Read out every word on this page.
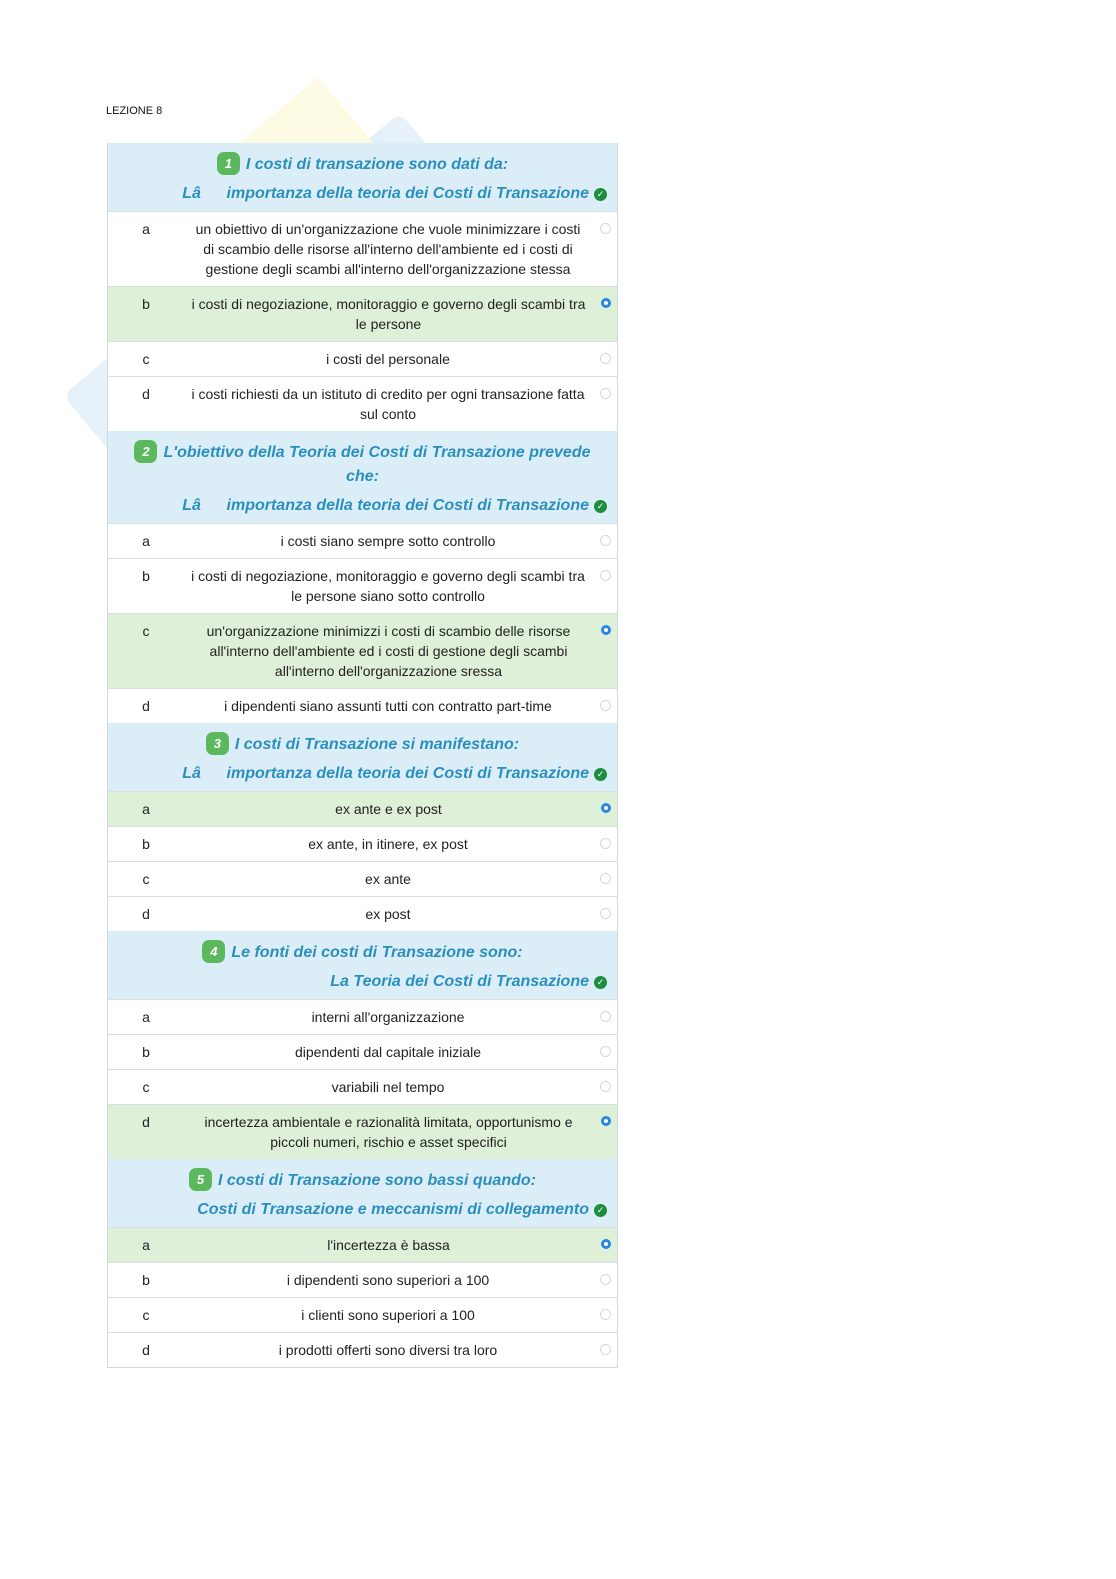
LEZIONE 8
1 I costi di transazione sono dati da:
Lâimportanza della teoria dei Costi di Transazione ✓
a	un obiettivo di un'organizzazione che vuole minimizzare i costi di scambio delle risorse all'interno dell'ambiente ed i costi di gestione degli scambi all'interno dell'organizzazione stessa
b	i costi di negoziazione, monitoraggio e governo degli scambi tra le persone
c	i costi del personale
d	i costi richiesti da un istituto di credito per ogni transazione fatta sul conto
2 L'obiettivo della Teoria dei Costi di Transazione prevede che:
Lâimportanza della teoria dei Costi di Transazione ✓
a	i costi siano sempre sotto controllo
b	i costi di negoziazione, monitoraggio e governo degli scambi tra le persone siano sotto controllo
c	un'organizzazione minimizzi i costi di scambio delle risorse all'interno dell'ambiente ed i costi di gestione degli scambi all'interno dell'organizzazione sressa
d	i dipendenti siano assunti tutti con contratto part-time
3 I costi di Transazione si manifestano:
Lâimportanza della teoria dei Costi di Transazione ✓
a	ex ante e ex post
b	ex ante, in itinere, ex post
c	ex ante
d	ex post
4 Le fonti dei costi di Transazione sono:
La Teoria dei Costi di Transazione ✓
a	interni all'organizzazione
b	dipendenti dal capitale iniziale
c	variabili nel tempo
d	incertezza ambientale e razionalità limitata, opportunismo e piccoli numeri, rischio e asset specifici
5 I costi di Transazione sono bassi quando:
Costi di Transazione e meccanismi di collegamento ✓
a	l'incertezza è bassa
b	i dipendenti sono superiori a 100
c	i clienti sono superiori a 100
d	i prodotti offerti sono diversi tra loro
